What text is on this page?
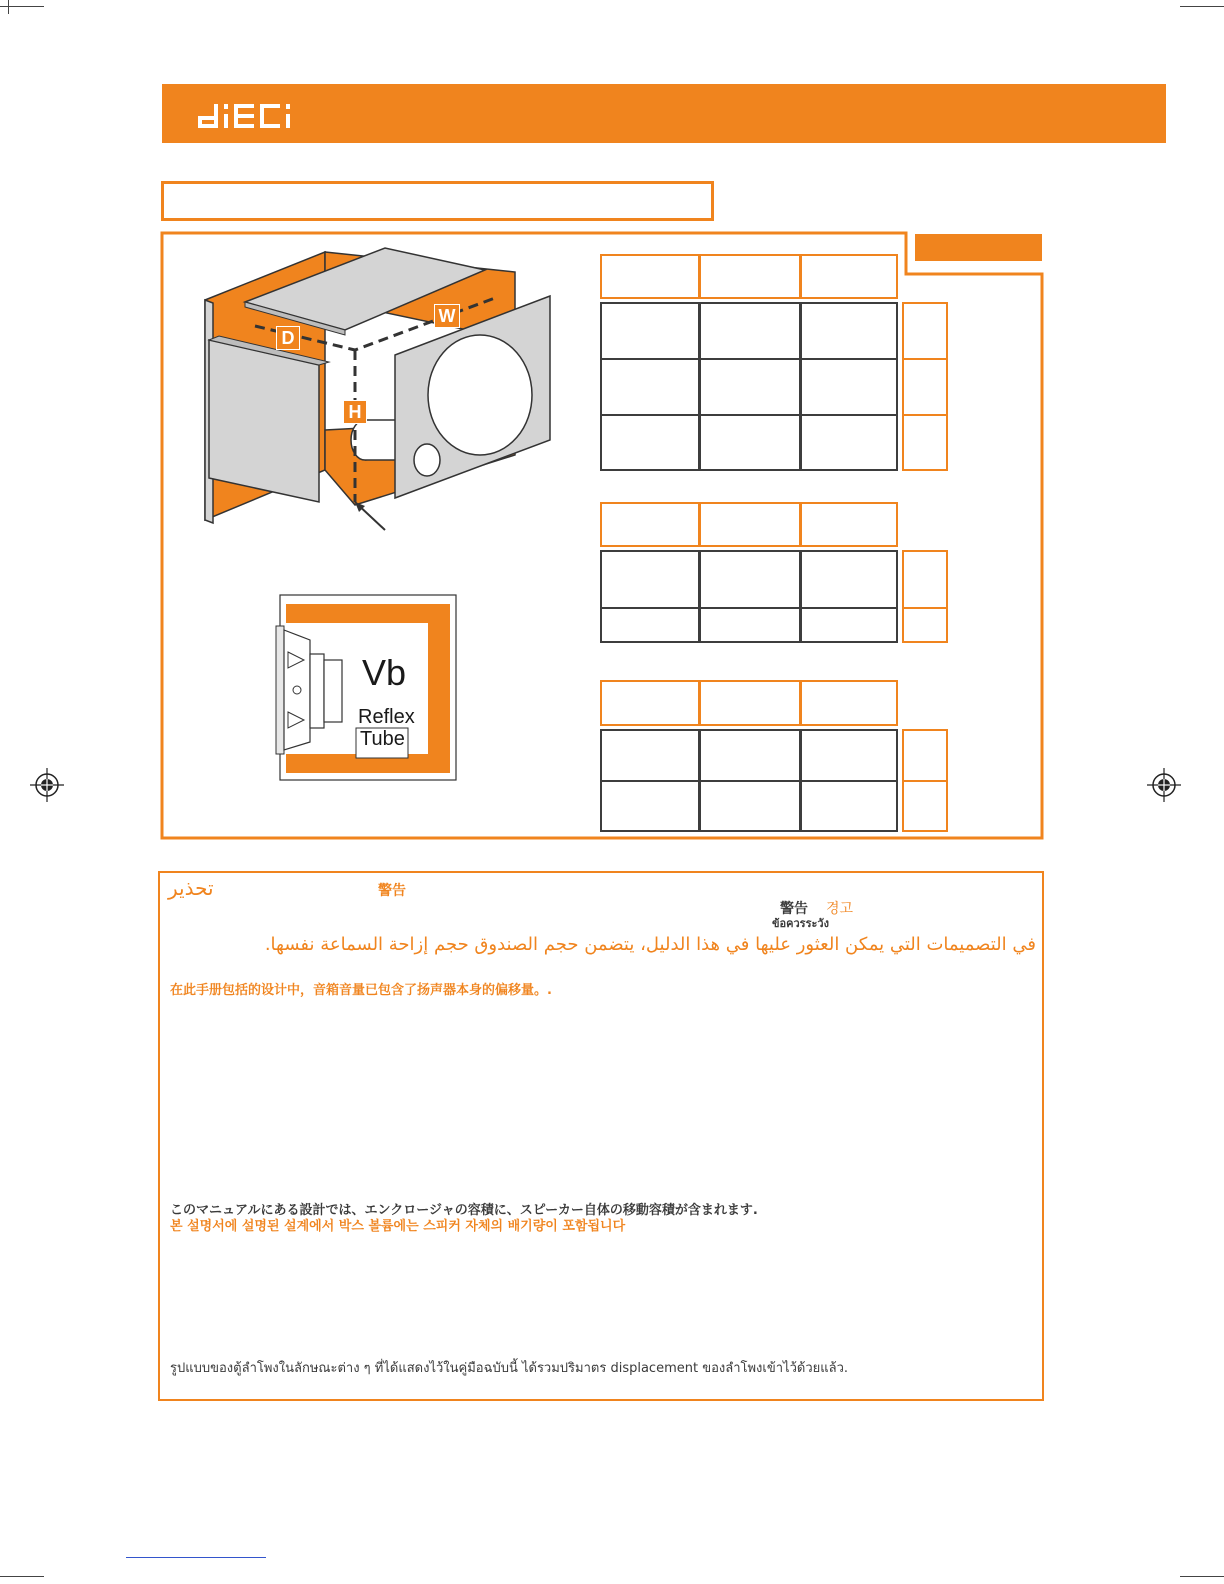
D
W
H
Vb
Reflex
Tube
تحذير	警告
警告 경고
ข้อควรระวัง
في التصميمات التي يمكن العثور عليها في هذا الدليل، يتضمن حجم الصندوق حجم إزاحة السماعة نفسها.
在此手册包括的设计中，音箱音量已包含了扬声器本身的偏移量。.
このマニュアルにある設計では、エンクロージャの容積に、スピーカー自体の移動容積が含まれます.
본 설명서에 설명된 설계에서 박스 볼륨에는 스피커 자체의 배기량이 포함됩니다
รูปแบบของตู้ลำโพงในลักษณะต่าง ๆ ที่ได้แสดงไว้ในคู่มือฉบับนี้ ได้รวมปริมาตร displacement ของลำโพงเข้าไว้ด้วยแล้ว.
